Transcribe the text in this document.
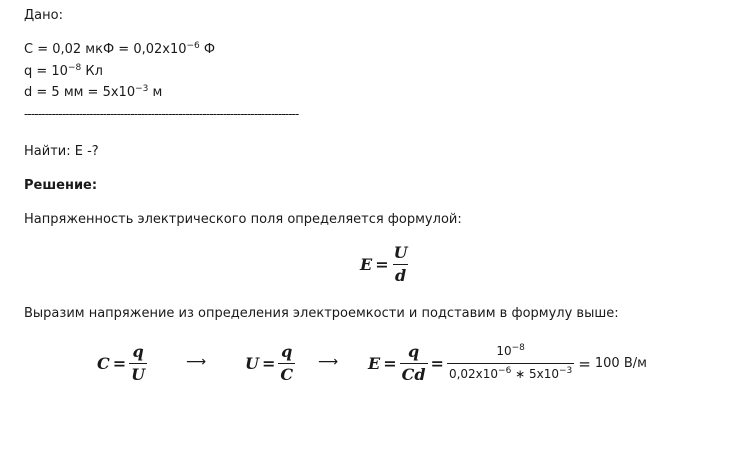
Дано:
C = 0,02 мкФ = $0,02x10^{-6}$ Ф
$q = 10^{-8}$ Кл
d = 5 мм = $5x10^{-3}$ м
--------------------------------------------------------------------------------
Найти: E -?
Решение:
Напряженность электрического поля определяется формулой:
$E = \frac{U}{d}$
Выразим напряжение из определения электроемкости и подставим в формулу выше:
$C = \frac{q}{U}$	⟶ $U = \frac{q}{C}$ ⟶ $E = \frac{q}{Cd} = \frac{10^{-8}}{0,02x10^{-6} ∗ 5x10^{-3}} = 100$ В/м
